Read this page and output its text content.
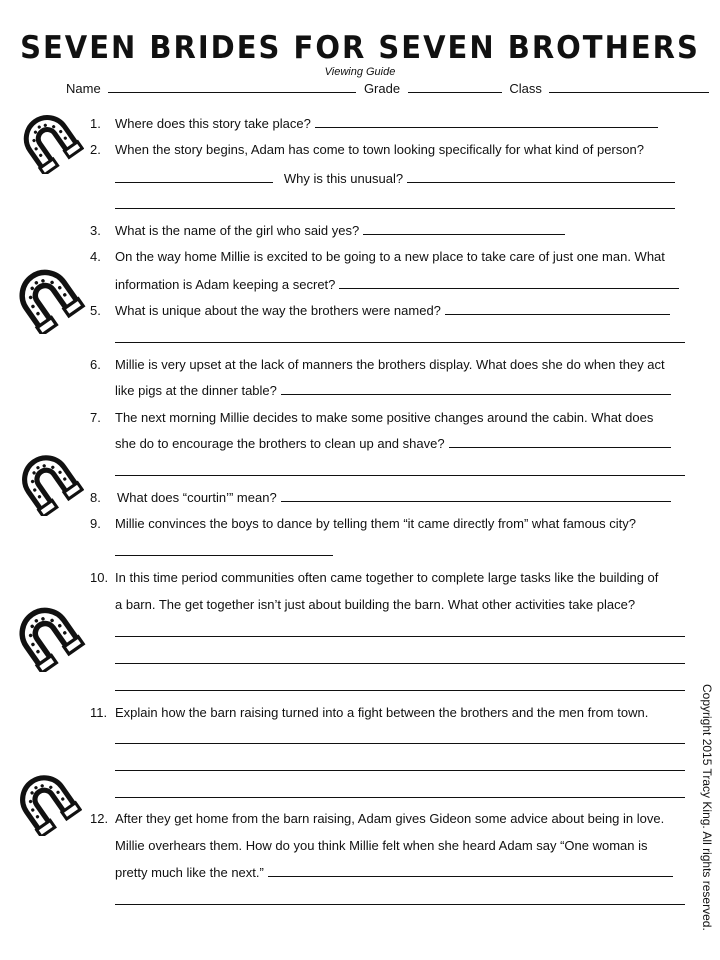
SEVEN BRIDES FOR SEVEN BROTHERS
Viewing Guide
Name	Grade	Class
1. Where does this story take place?
2. When the story begins, Adam has come to town looking specifically for what kind of person?
Why is this unusual?
3. What is the name of the girl who said yes?
4. On the way home Millie is excited to be going to a new place to take care of just one man. What
information is Adam keeping a secret?
5. What is unique about the way the brothers were named?
6. Millie is very upset at the lack of manners the brothers display. What does she do when they act
like pigs at the dinner table?
7. The next morning Millie decides to make some positive changes around the cabin. What does
she do to encourage the brothers to clean up and shave?
8. What does “courtin’” mean?
9. Millie convinces the boys to dance by telling them “it came directly from” what famous city?
10. In this time period communities often came together to complete large tasks like the building of
a barn. The get together isn’t just about building the barn. What other activities take place?
11. Explain how the barn raising turned into a fight between the brothers and the men from town.
12. After they get home from the barn raising, Adam gives Gideon some advice about being in love.
Millie overhears them. How do you think Millie felt when she heard Adam say “One woman is
pretty much like the next.”	Copyright 2015 Tracy King. All rights reserved.
